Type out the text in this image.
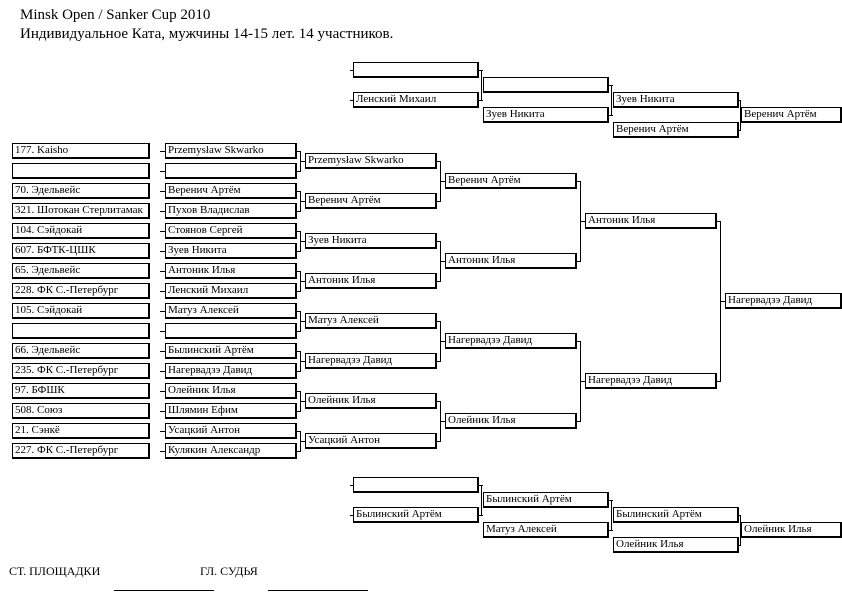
Minsk Open / Sanker Cup 2010
Индивидуальное Ката, мужчины 14-15 лет. 14 участников.
177. Kaisho
70. Эдельвейс
321. Шотокан Стерлитамак
104. Сэйдокай
607. БФТК-ЦШК
65. Эдельвейс
228. ФК С.-Петербург
105. Сэйдокай
66. Эдельвейс
235. ФК С.-Петербург
97. БФШК
508. Союз
21. Сэнкё
227. ФК С.-Петербург
Przemysław Skwarko
Веренич Артём
Пухов Владислав
Стоянов Сергей
Зуев Никита
Антоник Илья
Ленский Михаил
Матуз Алексей
Былинский Артём
Нагервадзэ Давид
Олейник Илья
Шлямин Ефим
Усацкий Антон
Кулякин Александр
Przemysław Skwarko
Веренич Артём
Зуев Никита
Антоник Илья
Матуз Алексей
Нагервадзэ Давид
Олейник Илья
Усацкий Антон
Веренич Артём
Антоник Илья
Нагервадзэ Давид
Олейник Илья
Антоник Илья
Нагервадзэ Давид
Нагервадзэ Давид
Ленский Михаил
Зуев Никита
Зуев Никита
Веренич Артём
Веренич Артём
Былинский Артём
Былинский Артём
Матуз Алексей
Былинский Артём
Олейник Илья
Олейник Илья
СТ. ПЛОЩАДКИ	ГЛ. СУДЬЯ
